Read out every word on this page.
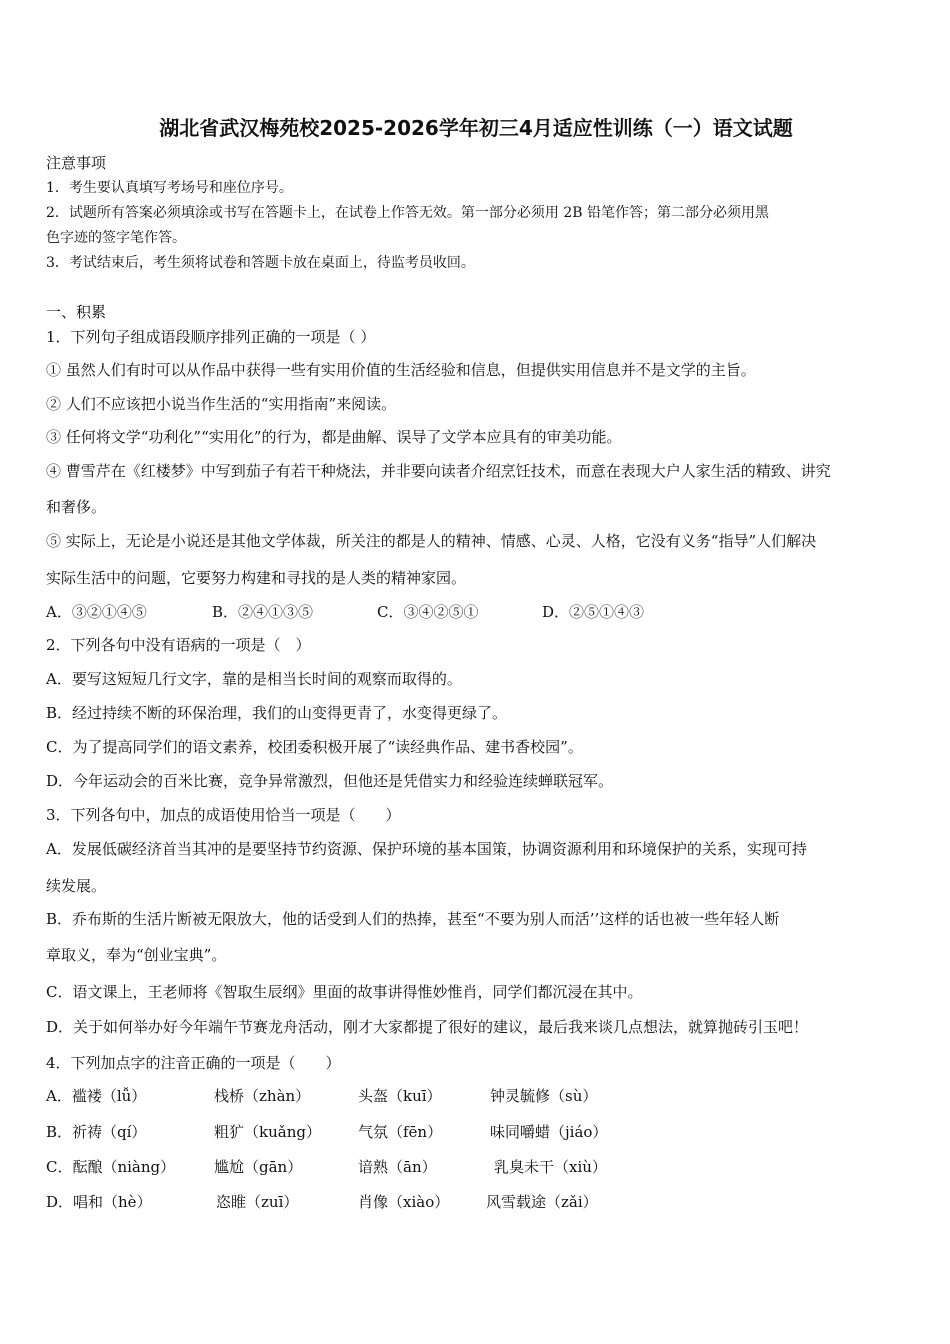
湖北省武汉梅苑校2025-2026学年初三4月适应性训练（一）语文试题
注意事项
1．考生要认真填写考场号和座位序号。
2．试题所有答案必须填涂或书写在答题卡上，在试卷上作答无效。第一部分必须用 2B 铅笔作答；第二部分必须用黑
色字迹的签字笔作答。
3．考试结束后，考生须将试卷和答题卡放在桌面上，待监考员收回。
一、积累
1．下列句子组成语段顺序排列正确的一项是（ ）
① 虽然人们有时可以从作品中获得一些有实用价值的生活经验和信息，但提供实用信息并不是文学的主旨。
② 人们不应该把小说当作生活的“实用指南”来阅读。
③ 任何将文学“功利化”“实用化”的行为，都是曲解、误导了文学本应具有的审美功能。
④ 曹雪芹在《红楼梦》中写到茄子有若干种烧法，并非要向读者介绍烹饪技术，而意在表现大户人家生活的精致、讲究
和奢侈。
⑤ 实际上，无论是小说还是其他文学体裁，所关注的都是人的精神、情感、心灵、人格，它没有义务“指导”人们解决
实际生活中的问题，它要努力构建和寻找的是人类的精神家园。
A．③②①④⑤	B．②④①③⑤	C．③④②⑤①	D．②⑤①④③
2．下列各句中没有语病的一项是（　）
A．要写这短短几行文字，靠的是相当长时间的观察而取得的。
B．经过持续不断的环保治理，我们的山变得更青了，水变得更绿了。
C．为了提高同学们的语文素养，校团委积极开展了“读经典作品、建书香校园”。
D．今年运动会的百米比赛，竞争异常激烈，但他还是凭借实力和经验连续蝉联冠军。
3．下列各句中，加点的成语使用恰当一项是（　　）
A．发展低碳经济首当其冲的是要坚持节约资源、保护环境的基本国策，协调资源利用和环境保护的关系，实现可持
续发展。
B．乔布斯的生活片断被无限放大，他的话受到人们的热捧，甚至“不要为别人而活’’这样的话也被一些年轻人断
章取义，奉为“创业宝典”。
C．语文课上，王老师将《智取生辰纲》里面的故事讲得惟妙惟肖，同学们都沉浸在其中。
D．关于如何举办好今年端午节赛龙舟活动，刚才大家都提了很好的建议，最后我来谈几点想法，就算抛砖引玉吧！
4．下列加点字的注音正确的一项是（　　）
A．褴褛（lǚ）	栈桥（zhàn）	头盔（kuī）	钟灵毓修（sù）
B．祈祷（qí）	粗犷（kuǎng） 气氛（fēn）	味同嚼蜡（jiáo）
C．酝酿（niàng）	尴尬（gān）	谙熟（ān）	乳臭未干（xiù）
D．唱和（hè）	恣睢（zuī）	肖像（xiào） 风雪载途（zǎi）
